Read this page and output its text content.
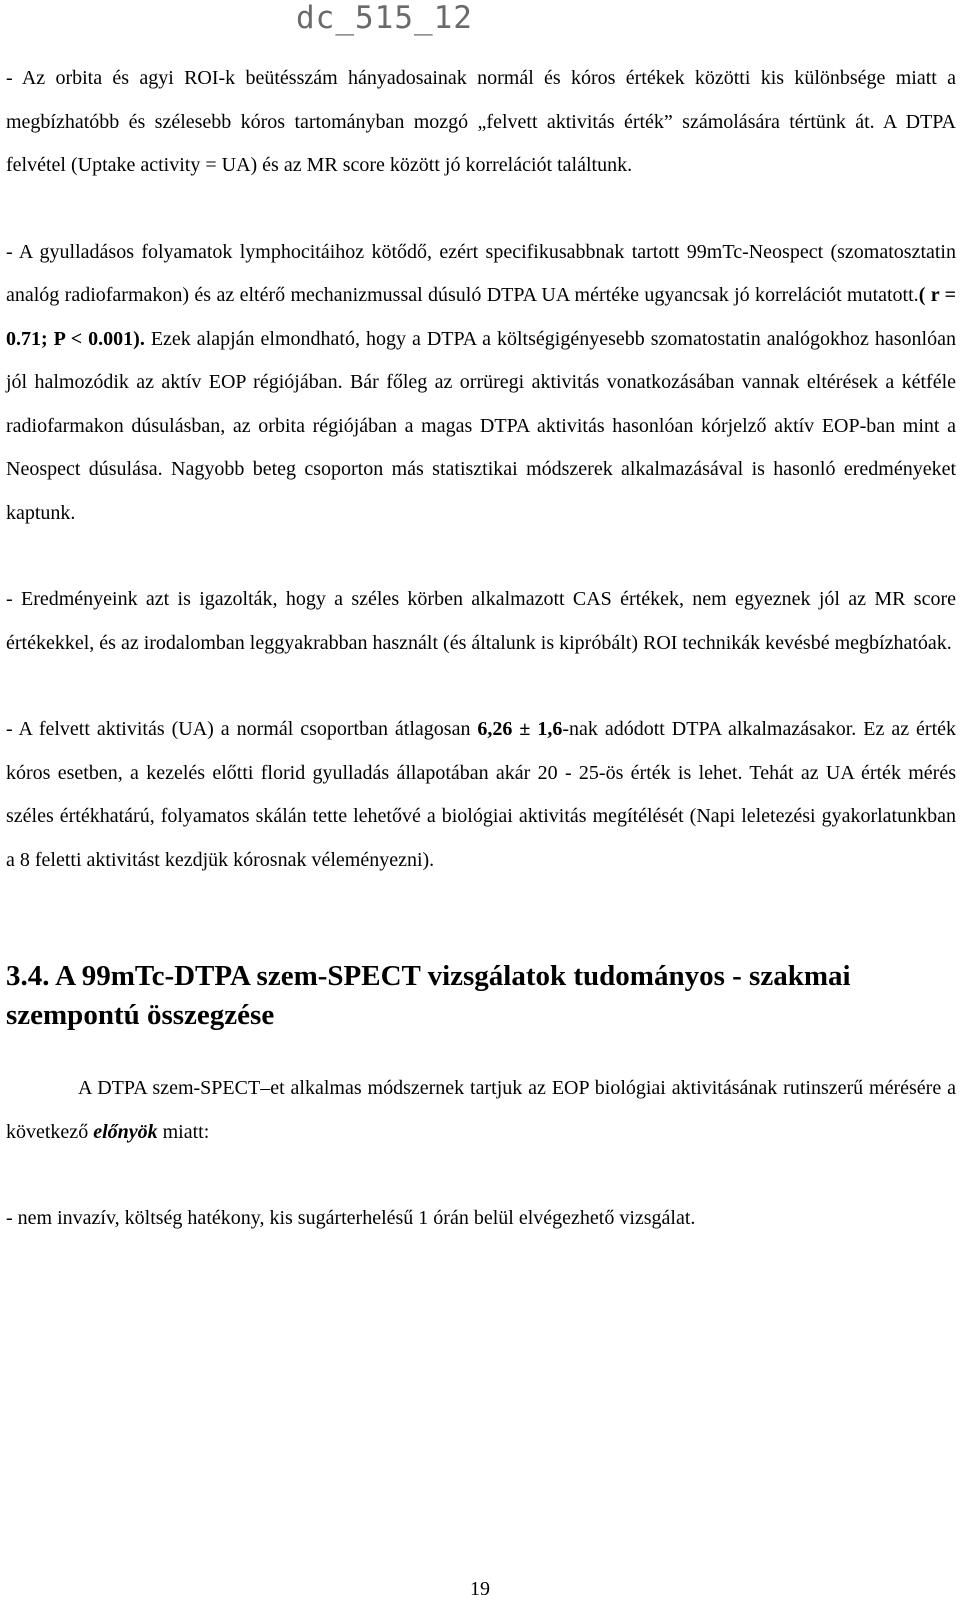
dc_515_12

- Az orbita és agyi ROI-k beütésszám hányadosainak normál és kóros értékek közötti kis különbsége miatt a megbízhatóbb és szélesebb kóros tartományban mozgó „felvett aktivitás érték” számolására tértünk át. A DTPA felvétel (Uptake activity = UA) és az MR score között jó korrelációt találtunk.

- A gyulladásos folyamatok lymphocitáihoz kötődő, ezért specifikusabbnak tartott 99mTc-Neospect (szomatosztatin analóg radiofarmakon) és az eltérő mechanizmussal dúsuló DTPA UA mértéke ugyancsak jó korrelációt mutatott.( r = 0.71; P < 0.001). Ezek alapján elmondható, hogy a DTPA a költségigényesebb szomatostatin analógokhoz hasonlóan jól halmozódik az aktív EOP régiójában. Bár főleg az orrüregi aktivitás vonatkozásában vannak eltérések a kétféle radiofarmakon dúsulásban, az orbita régiójában a magas DTPA aktivitás hasonlóan kórjelző aktív EOP-ban mint a Neospect dúsulása. Nagyobb beteg csoporton más statisztikai módszerek alkalmazásával is hasonló eredményeket kaptunk.

- Eredményeink azt is igazolták, hogy a széles körben alkalmazott CAS értékek, nem egyeznek jól az MR score értékekkel, és az irodalomban leggyakrabban használt (és általunk is kipróbált) ROI technikák kevésbé megbízhatóak.

- A felvett aktivitás (UA) a normál csoportban átlagosan 6,26 ± 1,6-nak adódott DTPA alkalmazásakor. Ez az érték kóros esetben, a kezelés előtti florid gyulladás állapotában akár 20 - 25-ös érték is lehet. Tehát az UA érték mérés széles értékhatárú, folyamatos skálán tette lehetővé a biológiai aktivitás megítélését (Napi leletezési gyakorlatunkban a 8 feletti aktivitást kezdjük kórosnak véleményezni).

3.4. A 99mTc-DTPA szem-SPECT vizsgálatok tudományos - szakmai szempontú összegzése

A DTPA szem-SPECT–et alkalmas módszernek tartjuk az EOP biológiai aktivitásának rutinszerű mérésére a következő előnyök miatt:

- nem invazív, költség hatékony, kis sugárterhelésű 1 órán belül elvégezhető vizsgálat.

19
